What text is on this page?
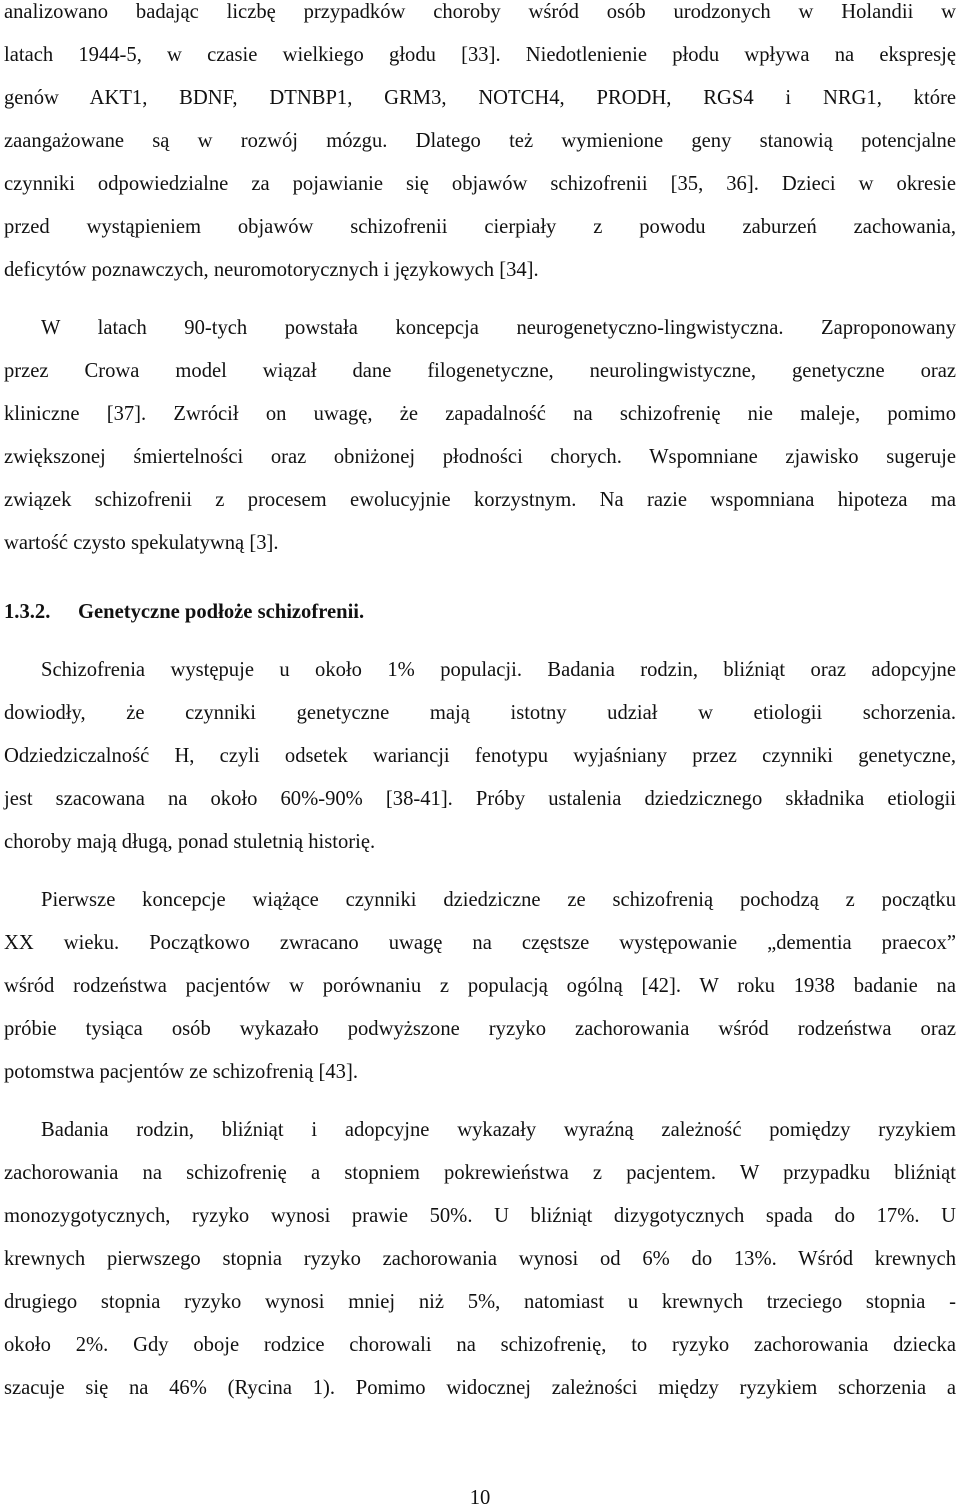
analizowano badając liczbę przypadków choroby wśród osób urodzonych w Holandii w
latach 1944-5, w czasie wielkiego głodu [33]. Niedotlenienie płodu wpływa na ekspresję
genów AKT1, BDNF, DTNBP1, GRM3, NOTCH4, PRODH, RGS4 i NRG1, które
zaangażowane są w rozwój mózgu. Dlatego też wymienione geny stanowią potencjalne
czynniki odpowiedzialne za pojawianie się objawów schizofrenii [35, 36]. Dzieci w okresie
przed wystąpieniem objawów schizofrenii cierpiały z powodu zaburzeń zachowania,
deficytów poznawczych, neuromotorycznych i językowych [34].
W latach 90-tych powstała koncepcja neurogenetyczno-lingwistyczna. Zaproponowany
przez Crowa model wiązał dane filogenetyczne, neurolingwistyczne, genetyczne oraz
kliniczne [37]. Zwrócił on uwagę, że zapadalność na schizofrenię nie maleje, pomimo
zwiększonej śmiertelności oraz obniżonej płodności chorych. Wspomniane zjawisko sugeruje
związek schizofrenii z procesem ewolucyjnie korzystnym. Na razie wspomniana hipoteza ma
wartość czysto spekulatywną [3].
1.3.2. Genetyczne podłoże schizofrenii.
Schizofrenia występuje u około 1% populacji. Badania rodzin, bliźniąt oraz adopcyjne
dowiodły, że czynniki genetyczne mają istotny udział w etiologii schorzenia.
Odziedziczalność H, czyli odsetek wariancji fenotypu wyjaśniany przez czynniki genetyczne,
jest szacowana na około 60%-90% [38-41]. Próby ustalenia dziedzicznego składnika etiologii
choroby mają długą, ponad stuletnią historię.
Pierwsze koncepcje wiążące czynniki dziedziczne ze schizofrenią pochodzą z początku
XX wieku. Początkowo zwracano uwagę na częstsze występowanie „dementia praecox”
wśród rodzeństwa pacjentów w porównaniu z populacją ogólną [42]. W roku 1938 badanie na
próbie tysiąca osób wykazało podwyższone ryzyko zachorowania wśród rodzeństwa oraz
potomstwa pacjentów ze schizofrenią [43].
Badania rodzin, bliźniąt i adopcyjne wykazały wyraźną zależność pomiędzy ryzykiem
zachorowania na schizofrenię a stopniem pokrewieństwa z pacjentem. W przypadku bliźniąt
monozygotycznych, ryzyko wynosi prawie 50%. U bliźniąt dizygotycznych spada do 17%. U
krewnych pierwszego stopnia ryzyko zachorowania wynosi od 6% do 13%. Wśród krewnych
drugiego stopnia ryzyko wynosi mniej niż 5%, natomiast u krewnych trzeciego stopnia -
około 2%. Gdy oboje rodzice chorowali na schizofrenię, to ryzyko zachorowania dziecka
szacuje się na 46% (Rycina 1). Pomimo widocznej zależności między ryzykiem schorzenia a
10
